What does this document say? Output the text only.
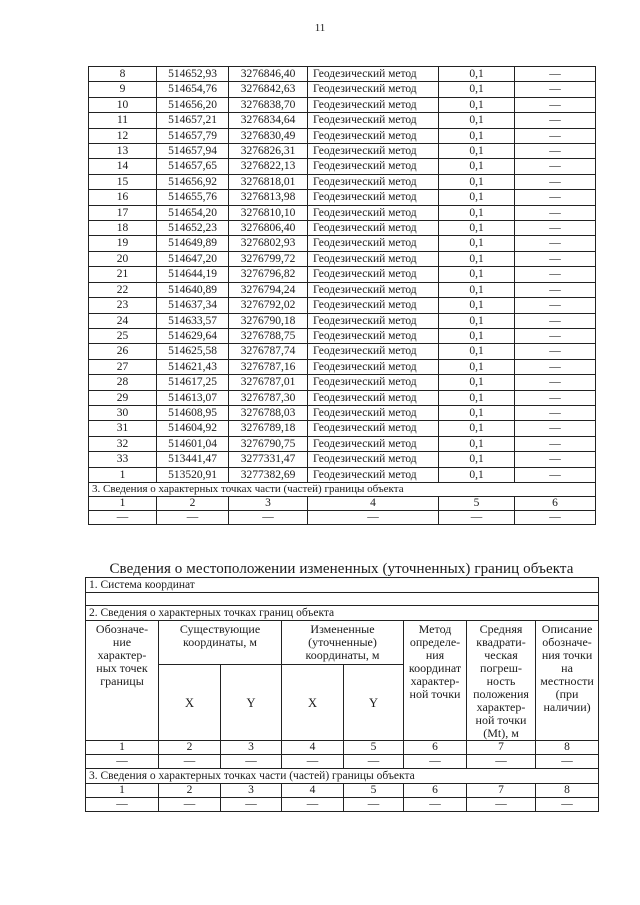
11
8	514652,93	3276846,40	Геодезический метод	0,1	—
9	514654,76	3276842,63	Геодезический метод	0,1	—
10	514656,20	3276838,70	Геодезический метод	0,1	—
11	514657,21	3276834,64	Геодезический метод	0,1	—
12	514657,79	3276830,49	Геодезический метод	0,1	—
13	514657,94	3276826,31	Геодезический метод	0,1	—
14	514657,65	3276822,13	Геодезический метод	0,1	—
15	514656,92	3276818,01	Геодезический метод	0,1	—
16	514655,76	3276813,98	Геодезический метод	0,1	—
17	514654,20	3276810,10	Геодезический метод	0,1	—
18	514652,23	3276806,40	Геодезический метод	0,1	—
19	514649,89	3276802,93	Геодезический метод	0,1	—
20	514647,20	3276799,72	Геодезический метод	0,1	—
21	514644,19	3276796,82	Геодезический метод	0,1	—
22	514640,89	3276794,24	Геодезический метод	0,1	—
23	514637,34	3276792,02	Геодезический метод	0,1	—
24	514633,57	3276790,18	Геодезический метод	0,1	—
25	514629,64	3276788,75	Геодезический метод	0,1	—
26	514625,58	3276787,74	Геодезический метод	0,1	—
27	514621,43	3276787,16	Геодезический метод	0,1	—
28	514617,25	3276787,01	Геодезический метод	0,1	—
29	514613,07	3276787,30	Геодезический метод	0,1	—
30	514608,95	3276788,03	Геодезический метод	0,1	—
31	514604,92	3276789,18	Геодезический метод	0,1	—
32	514601,04	3276790,75	Геодезический метод	0,1	—
33	513441,47	3277331,47	Геодезический метод	0,1	—
1	513520,91	3277382,69	Геодезический метод	0,1	—
3. Сведения о характерных точках части (частей) границы объекта					
1	2	3	4	5	6
—	—	—	—	—	—
Сведения о местоположении измененных (уточненных) границ объекта
1. Система координат							

2. Сведения о характерных точках границ объекта							
Обозначе-ние характер-ных точек границы	Существующие координаты, м		Измененные (уточненные) координаты, м		Метод определе-ния координат характер-ной точки	Средняя квадрати-ческая погреш-ность положения характер-ной точки (Mt), м	Описание обозначе-ния точки на местности (при наличии)
	X	Y	X	Y			
1	2	3	4	5	6	7	8
—	—	—	—	—	—	—	—
3. Сведения о характерных точках части (частей) границы объекта							
1	2	3	4	5	6	7	8
—	—	—	—	—	—	—	—
